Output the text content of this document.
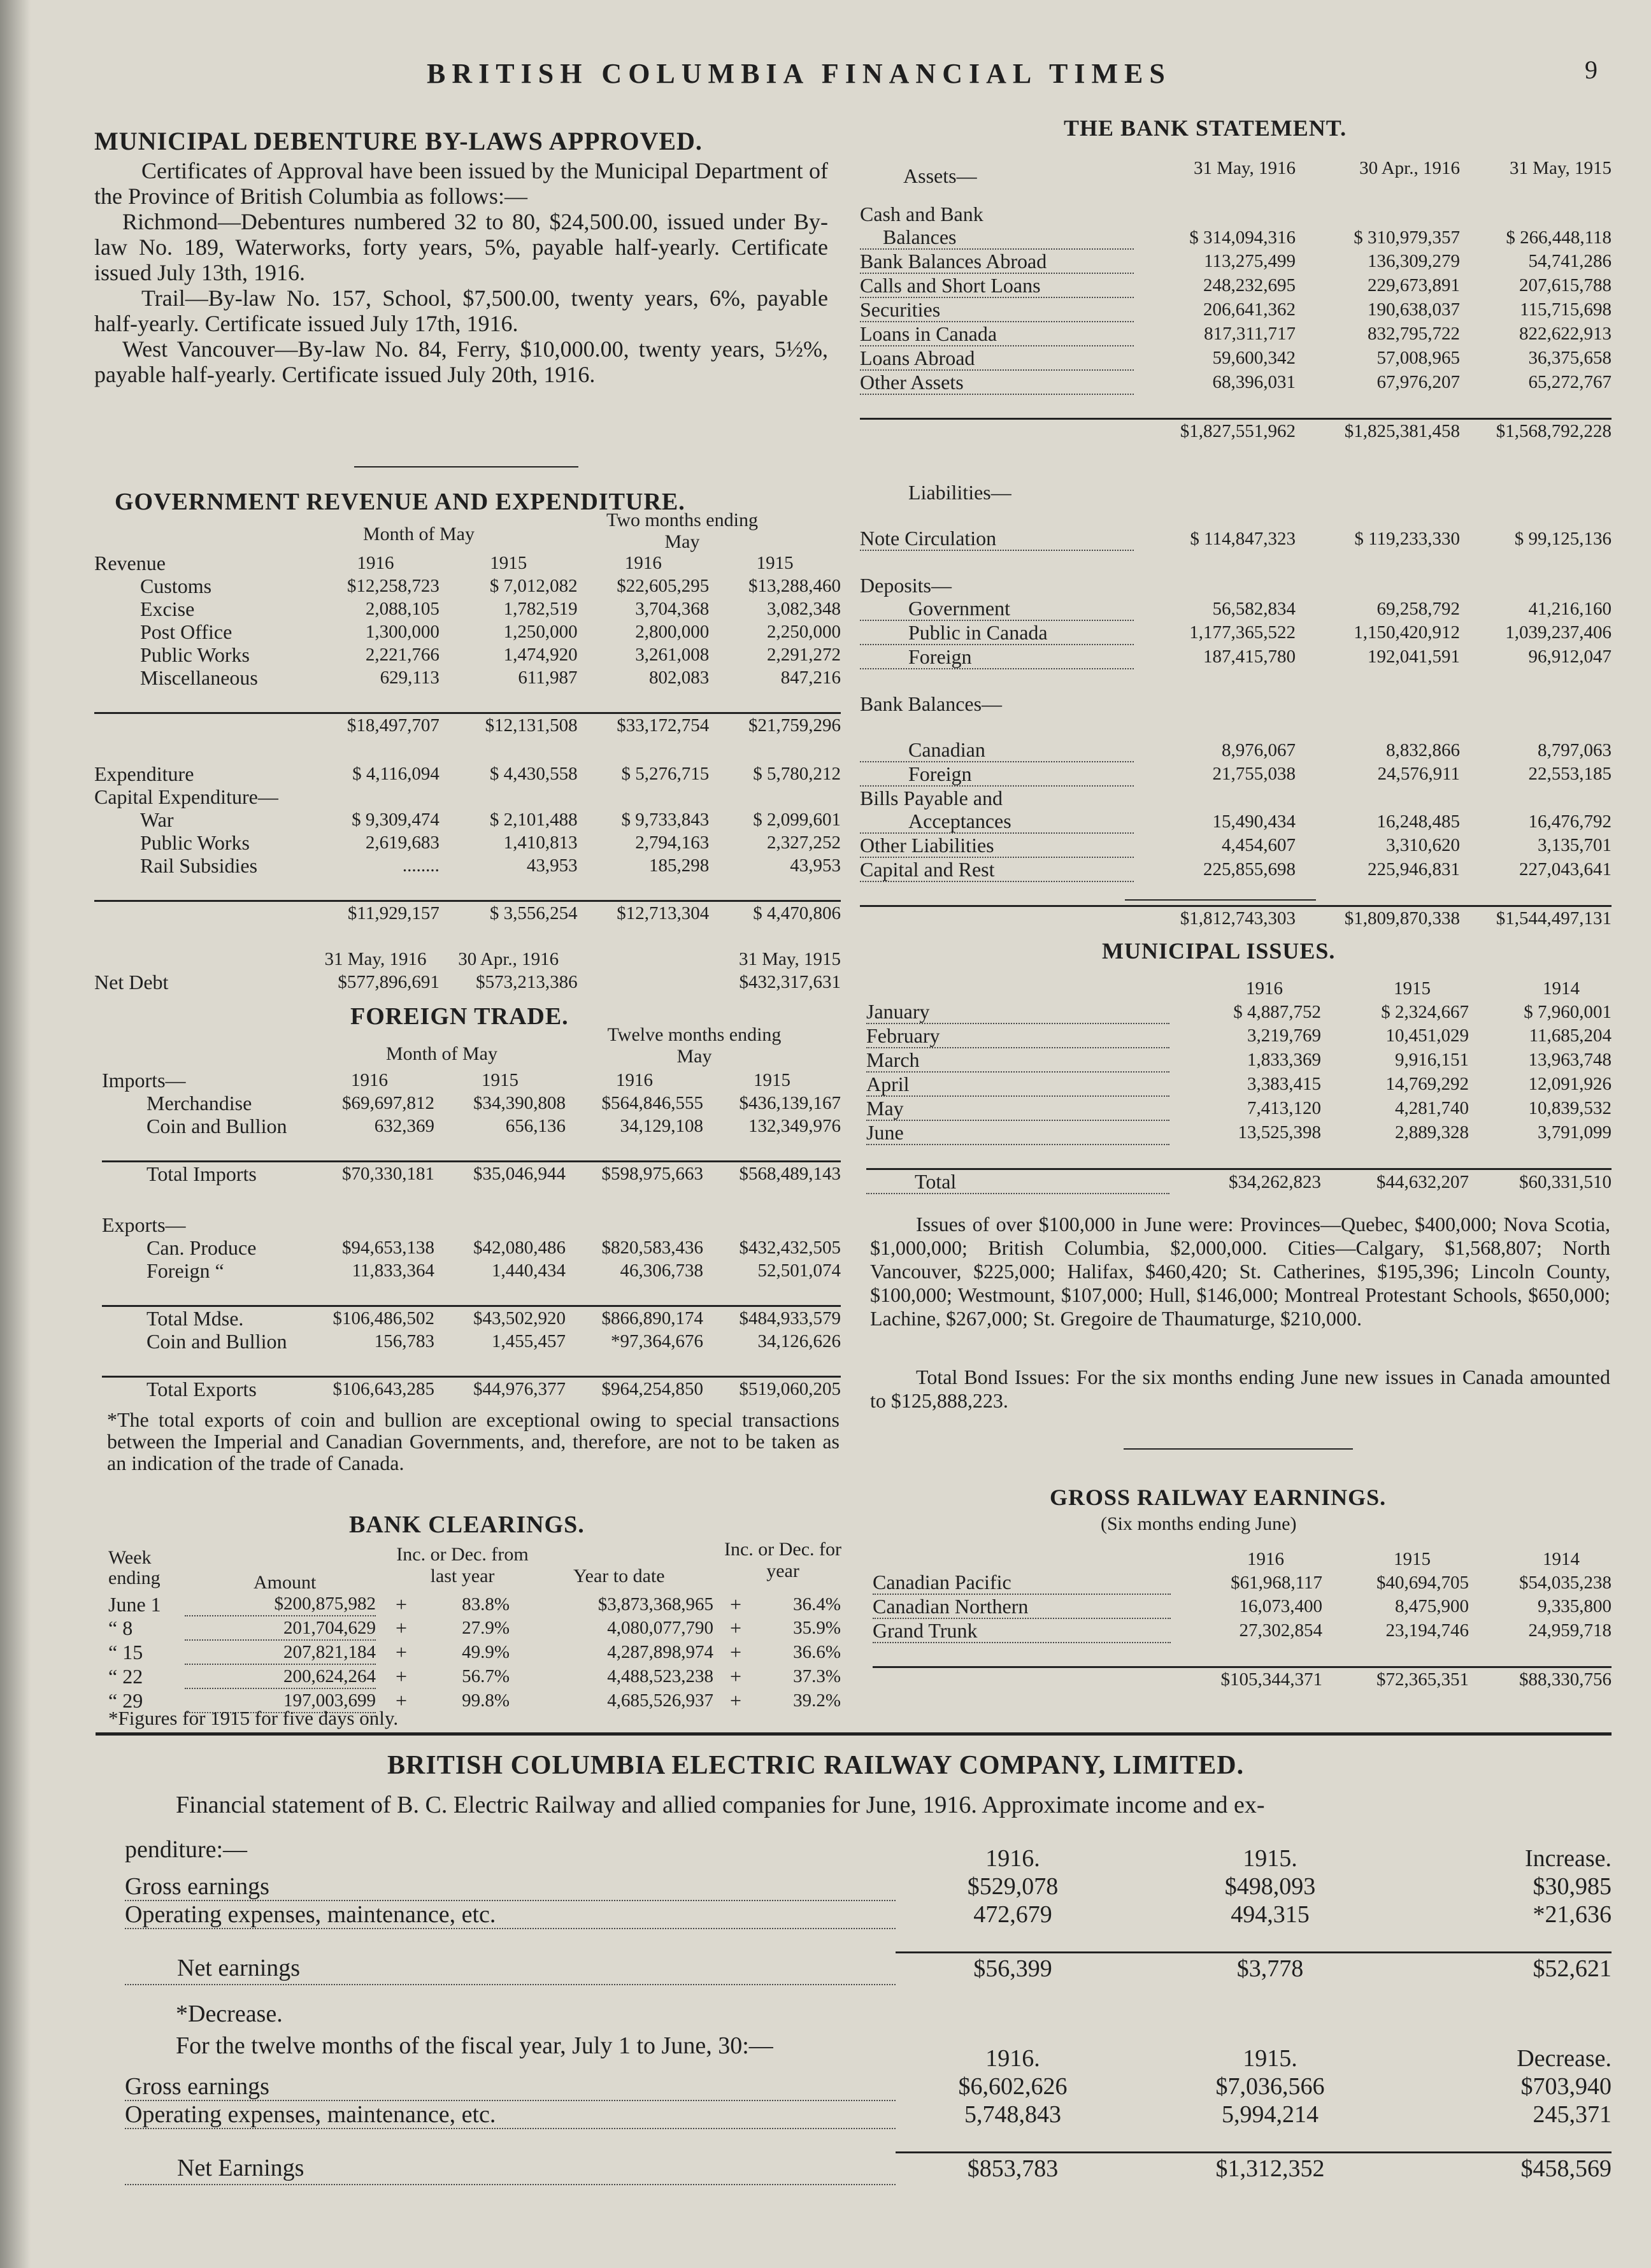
BRITISH COLUMBIA FINANCIAL TIMES	9
MUNICIPAL DEBENTURE BY-LAWS APPROVED.

Certificates of Approval have been issued by the Municipal Department of the Province of British Columbia as follows:—

Richmond—Debentures numbered 32 to 80, $24,500.00, issued under By-law No. 189, Waterworks, forty years, 5%, payable half-yearly. Certificate issued July 13th, 1916.

Trail—By-law No. 157, School, $7,500.00, twenty years, 6%, payable half-yearly. Certificate issued July 17th, 1916.

West Vancouver—By-law No. 84, Ferry, $10,000.00, twenty years, 5½%, payable half-yearly. Certificate issued July 20th, 1916.

GOVERNMENT REVENUE AND EXPENDITURE.
Month of May
Two months ending May
Revenue	1916	1915	1916	1915
Customs	$12,258,723	$ 7,012,082	$22,605,295	$13,288,460
Excise	2,088,105	1,782,519	3,704,368	3,082,348
Post Office	1,300,000	1,250,000	2,800,000	2,250,000
Public Works	2,221,766	1,474,920	3,261,008	2,291,272
Miscellaneous	629,113	611,987	802,083	847,216

	$18,497,707	$12,131,508	$33,172,754	$21,759,296

Expenditure	$ 4,116,094	$ 4,430,558	$ 5,276,715	$ 5,780,212
Capital Expenditure—				
War	$ 9,309,474	$ 2,101,488	$ 9,733,843	$ 2,099,601
Public Works	2,619,683	1,410,813	2,794,163	2,327,252
Rail Subsidies	........	43,953	185,298	43,953

	$11,929,157	$ 3,556,254	$12,713,304	$ 4,470,806

	31 May, 1916	30 Apr., 1916	31 May, 1915	
Net Debt	$577,896,691	$573,213,386	$432,317,631	
FOREIGN TRADE.
Month of May
Twelve months ending May
Imports—	1916	1915	1916	1915
Merchandise	$69,697,812	$34,390,808	$564,846,555	$436,139,167
Coin and Bullion	632,369	656,136	34,129,108	132,349,976

Total Imports	$70,330,181	$35,046,944	$598,975,663	$568,489,143

Exports—				
Can. Produce	$94,653,138	$42,080,486	$820,583,436	$432,432,505
Foreign “	11,833,364	1,440,434	46,306,738	52,501,074

Total Mdse.	$106,486,502	$43,502,920	$866,890,174	$484,933,579
Coin and Bullion	156,783	1,455,457	*97,364,676	34,126,626

Total Exports	$106,643,285	$44,976,377	$964,254,850	$519,060,205
*The total exports of coin and bullion are exceptional owing to special transactions between the Imperial and Canadian Governments, and, therefore, are not to be taken as an indication of the trade of Canada.
BANK CLEARINGS.
Week ending	Amount
Inc. or Dec. from last year	Year to date
Inc. or Dec. for year
June 1	$200,875,982	+	83.8%	$3,873,368,965	+	36.4%
“ 8	201,704,629	+	27.9%	4,080,077,790	+	35.9%
“ 15	207,821,184	+	49.9%	4,287,898,974	+	36.6%
“ 22	200,624,264	+	56.7%	4,488,523,238	+	37.3%
“ 29	197,003,699	+	99.8%	4,685,526,937	+	39.2%
*Figures for 1915 for five days only.
THE BANK STATEMENT.
Assets—
		31 May, 1916	30 Apr., 1916	31 May, 1915

Cash and Bank			
Balances	$ 314,094,316	$ 310,979,357	$ 266,448,118
Bank Balances Abroad	113,275,499	136,309,279	54,741,286
Calls and Short Loans	248,232,695	229,673,891	207,615,788
Securities	206,641,362	190,638,037	115,715,698
Loans in Canada	817,311,717	832,795,722	822,622,913
Loans Abroad	59,600,342	57,008,965	36,375,658
Other Assets	68,396,031	67,976,207	65,272,767

	$1,827,551,962	$1,825,381,458	$1,568,792,228

Liabilities—			

Note Circulation	$ 114,847,323	$ 119,233,330	$ 99,125,136

Deposits—			
Government	56,582,834	69,258,792	41,216,160
Public in Canada	1,177,365,522	1,150,420,912	1,039,237,406
Foreign	187,415,780	192,041,591	96,912,047

Bank Balances—			

Canadian	8,976,067	8,832,866	8,797,063
Foreign	21,755,038	24,576,911	22,553,185
Bills Payable and			
Acceptances	15,490,434	16,248,485	16,476,792
Other Liabilities	4,454,607	3,310,620	3,135,701
Capital and Rest	225,855,698	225,946,831	227,043,641

	$1,812,743,303	$1,809,870,338	$1,544,497,131
MUNICIPAL ISSUES.
	1916	1915	1914
January	$ 4,887,752	$ 2,324,667	$ 7,960,001
February	3,219,769	10,451,029	11,685,204
March	1,833,369	9,916,151	13,963,748
April	3,383,415	14,769,292	12,091,926
May	7,413,120	4,281,740	10,839,532
June	13,525,398	2,889,328	3,791,099

Total	$34,262,823	$44,632,207	$60,331,510
Issues of over $100,000 in June were: Provinces—Quebec, $400,000; Nova Scotia, $1,000,000; British Columbia, $2,000,000. Cities—Calgary, $1,568,807; North Vancouver, $225,000; Halifax, $460,420; St. Catherines, $195,396; Lincoln County, $100,000; Westmount, $107,000; Hull, $146,000; Montreal Protestant Schools, $650,000; Lachine, $267,000; St. Gregoire de Thaumaturge, $210,000.
Total Bond Issues: For the six months ending June new issues in Canada amounted to $125,888,223.
GROSS RAILWAY EARNINGS.
(Six months ending June)
	1916	1915	1914
Canadian Pacific	$61,968,117	$40,694,705	$54,035,238
Canadian Northern	16,073,400	8,475,900	9,335,800
Grand Trunk	27,302,854	23,194,746	24,959,718

	$105,344,371	$72,365,351	$88,330,756
BRITISH COLUMBIA ELECTRIC RAILWAY COMPANY, LIMITED.
Financial statement of B. C. Electric Railway and allied companies for June, 1916. Approximate income and ex-
penditure:—
		1916.	1915.	Increase.
Gross earnings	$529,078	$498,093	$30,985
Operating expenses, maintenance, etc.	472,679	494,315	*21,636

Net earnings	$56,399	$3,778	$52,621
*Decrease.
For the twelve months of the fiscal year, July 1 to June, 30:—
		1916.	1915.	Decrease.
Gross earnings	$6,602,626	$7,036,566	$703,940
Operating expenses, maintenance, etc.	5,748,843	5,994,214	245,371

Net Earnings	$853,783	$1,312,352	$458,569
